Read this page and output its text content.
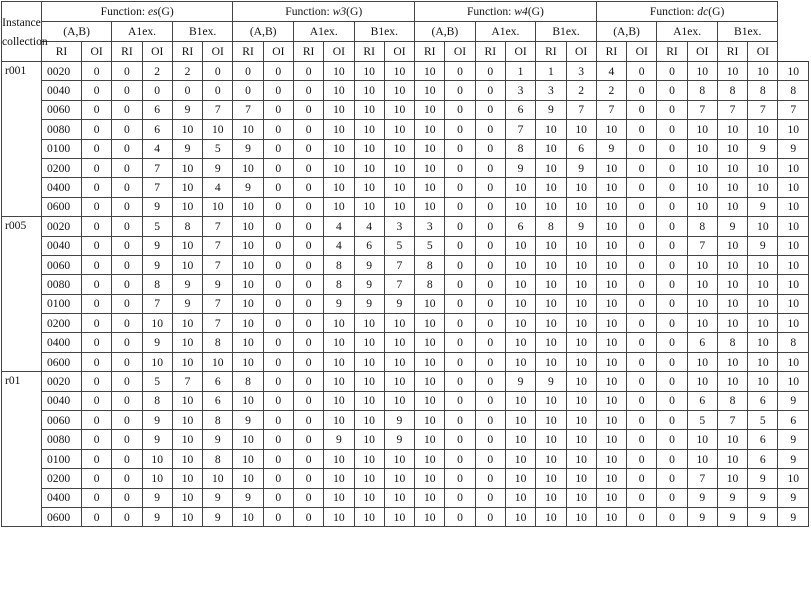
Instance
collection	Function: es(G)						Function: w3(G)						Function: w4(G)						Function: dc(G)						
	(A,B)		A1ex.		B1ex.		(A,B)		A1ex.		B1ex.		(A,B)		A1ex.		B1ex.		(A,B)		A1ex.		B1ex.		
	RI	OI	RI	OI	RI	OI	RI	OI	RI	OI	RI	OI	RI	OI	RI	OI	RI	OI	RI	OI	RI	OI	RI	OI	
r001	0020	0	0	2	2	0	0	0	0	10	10	10	10	0	0	1	1	3	4	0	0	10	10	10	10
	0040	0	0	0	0	0	0	0	0	10	10	10	10	0	0	3	3	2	2	0	0	8	8	8	8
	0060	0	0	6	9	7	7	0	0	10	10	10	10	0	0	6	9	7	7	0	0	7	7	7	7
	0080	0	0	6	10	10	10	0	0	10	10	10	10	0	0	7	10	10	10	0	0	10	10	10	10
	0100	0	0	4	9	5	9	0	0	10	10	10	10	0	0	8	10	6	9	0	0	10	10	9	9
	0200	0	0	7	10	9	10	0	0	10	10	10	10	0	0	9	10	9	10	0	0	10	10	10	10
	0400	0	0	7	10	4	9	0	0	10	10	10	10	0	0	10	10	10	10	0	0	10	10	10	10
	0600	0	0	9	10	10	10	0	0	10	10	10	10	0	0	10	10	10	10	0	0	10	10	9	10
r005	0020	0	0	5	8	7	10	0	0	4	4	3	3	0	0	6	8	9	10	0	0	8	9	10	10
	0040	0	0	9	10	7	10	0	0	4	6	5	5	0	0	10	10	10	10	0	0	7	10	9	10
	0060	0	0	9	10	7	10	0	0	8	9	7	8	0	0	10	10	10	10	0	0	10	10	10	10
	0080	0	0	8	9	9	10	0	0	8	9	7	8	0	0	10	10	10	10	0	0	10	10	10	10
	0100	0	0	7	9	7	10	0	0	9	9	9	10	0	0	10	10	10	10	0	0	10	10	10	10
	0200	0	0	10	10	7	10	0	0	10	10	10	10	0	0	10	10	10	10	0	0	10	10	10	10
	0400	0	0	9	10	8	10	0	0	10	10	10	10	0	0	10	10	10	10	0	0	6	8	10	8
	0600	0	0	10	10	10	10	0	0	10	10	10	10	0	0	10	10	10	10	0	0	10	10	10	10
r01	0020	0	0	5	7	6	8	0	0	10	10	10	10	0	0	9	9	10	10	0	0	10	10	10	10
	0040	0	0	8	10	6	10	0	0	10	10	10	10	0	0	10	10	10	10	0	0	6	8	6	9
	0060	0	0	9	10	8	9	0	0	10	10	9	10	0	0	10	10	10	10	0	0	5	7	5	6
	0080	0	0	9	10	9	10	0	0	9	10	9	10	0	0	10	10	10	10	0	0	10	10	6	9
	0100	0	0	10	10	8	10	0	0	10	10	10	10	0	0	10	10	10	10	0	0	10	10	6	9
	0200	0	0	10	10	10	10	0	0	10	10	10	10	0	0	10	10	10	10	0	0	7	10	9	10
	0400	0	0	9	10	9	9	0	0	10	10	10	10	0	0	10	10	10	10	0	0	9	9	9	9
	0600	0	0	9	10	9	10	0	0	10	10	10	10	0	0	10	10	10	10	0	0	9	9	9	9
